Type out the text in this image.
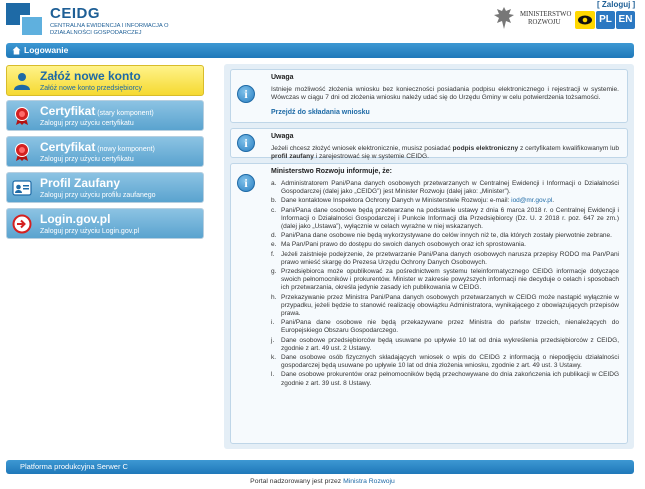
CEIDG
CENTRALNA EWIDENCJA I INFORMACJA O DZIAŁALNOŚCI GOSPODARCZEJ
MINISTERSTWO
ROZWOJU
[ Zaloguj ]
PL EN
Logowanie
Załóż nowe konto
Załóż nowe konto przedsiębiorcy
Certyfikat (stary komponent)
Zaloguj przy użyciu certyfikatu
Certyfikat (nowy komponent)
Zaloguj przy użyciu certyfikatu
Profil Zaufany
Zaloguj przy użyciu profilu zaufanego
Login.gov.pl
Zaloguj przy użyciu Login.gov.pl
i
Uwaga
Istnieje możliwość złożenia wniosku bez konieczności posiadania podpisu elektronicznego i rejestracji w systemie. Wówczas w ciągu 7 dni od złożenia wniosku należy udać się do Urzędu Gminy w celu potwierdzenia tożsamości.
Przejdź do składania wniosku
i	Uwaga
Jeżeli chcesz złożyć wniosek elektronicznie, musisz posiadać podpis elektroniczny z certyfikatem kwalifikowanym lub profil zaufany i zarejestrować się w systemie CEIDG.
i
Ministerstwo Rozwoju informuje, że:
a. Administratorem Pani/Pana danych osobowych przetwarzanych w Centralnej Ewidencji i Informacji o Działalności Gospodarczej (dalej jako „CEIDG”) jest Minister Rozwoju (dalej jako: „Minister”).
b. Dane kontaktowe Inspektora Ochrony Danych w Ministerstwie Rozwoju: e-mail: iod@mr.gov.pl.
c. Pani/Pana dane osobowe będą przetwarzane na podstawie ustawy z dnia 6 marca 2018 r. o Centralnej Ewidencji i Informacji o Działalności Gospodarczej i Punkcie Informacji dla Przedsiębiorcy (Dz. U. z 2018 r. poz. 647 ze zm.) (dalej jako „Ustawa”), wyłącznie w celach wyrażne w niej wskazanych.
d. Pani/Pana dane osobowe nie będą wykorzystywane do celów innych niż te, dla których zostały pierwotnie zebrane.
e. Ma Pan/Pani prawo do dostępu do swoich danych osobowych oraz ich sprostowania.
f. Jeżeli zaistnieje podejrzenie, że przetwarzanie Pani/Pana danych osobowych narusza przepisy RODO ma Pan/Pani prawo wnieść skargę do Prezesa Urzędu Ochrony Danych Osobowych.
g. Przedsiębiorca może opublikować za pośrednictwem systemu teleinformatycznego CEIDG informacje dotyczące swoich pełnomocników i prokurentów. Minister w zakresie powyższych informacji nie decyduje o celach i sposobach ich przetwarzania, określa jedynie zasady ich publikowania w CEIDG.
h. Przekazywanie przez Ministra Pani/Pana danych osobowych przetwarzanych w CEIDG może nastąpić wyłącznie w przypadku, jeżeli będzie to stanowić realizację obowiązku Administratora, wynikającego z obowiązujących przepisów prawa.
i. Pani/Pana dane osobowe nie będą przekazywane przez Ministra do państw trzecich, nienależących do Europejskiego Obszaru Gospodarczego.
j. Dane osobowe przedsiębiorców będą usuwane po upływie 10 lat od dnia wykreślenia przedsiębiorców z CEIDG, zgodnie z art. 49 ust. 2 Ustawy.
k. Dane osobowe osób fizycznych składających wniosek o wpis do CEIDG z informacją o niepodjęciu działalności gospodarczej będą usuwane po upływie 10 lat od dnia złożenia wniosku, zgodnie z art. 49 ust. 3 Ustawy.
l. Dane osobowe prokurentów oraz pełnomocników będą przechowywane do dnia zakończenia ich publikacji w CEIDG zgodnie z art. 39 ust. 8 Ustawy.
Platforma produkcyjna Serwer C
Portal nadzorowany jest przez Ministra Rozwoju
